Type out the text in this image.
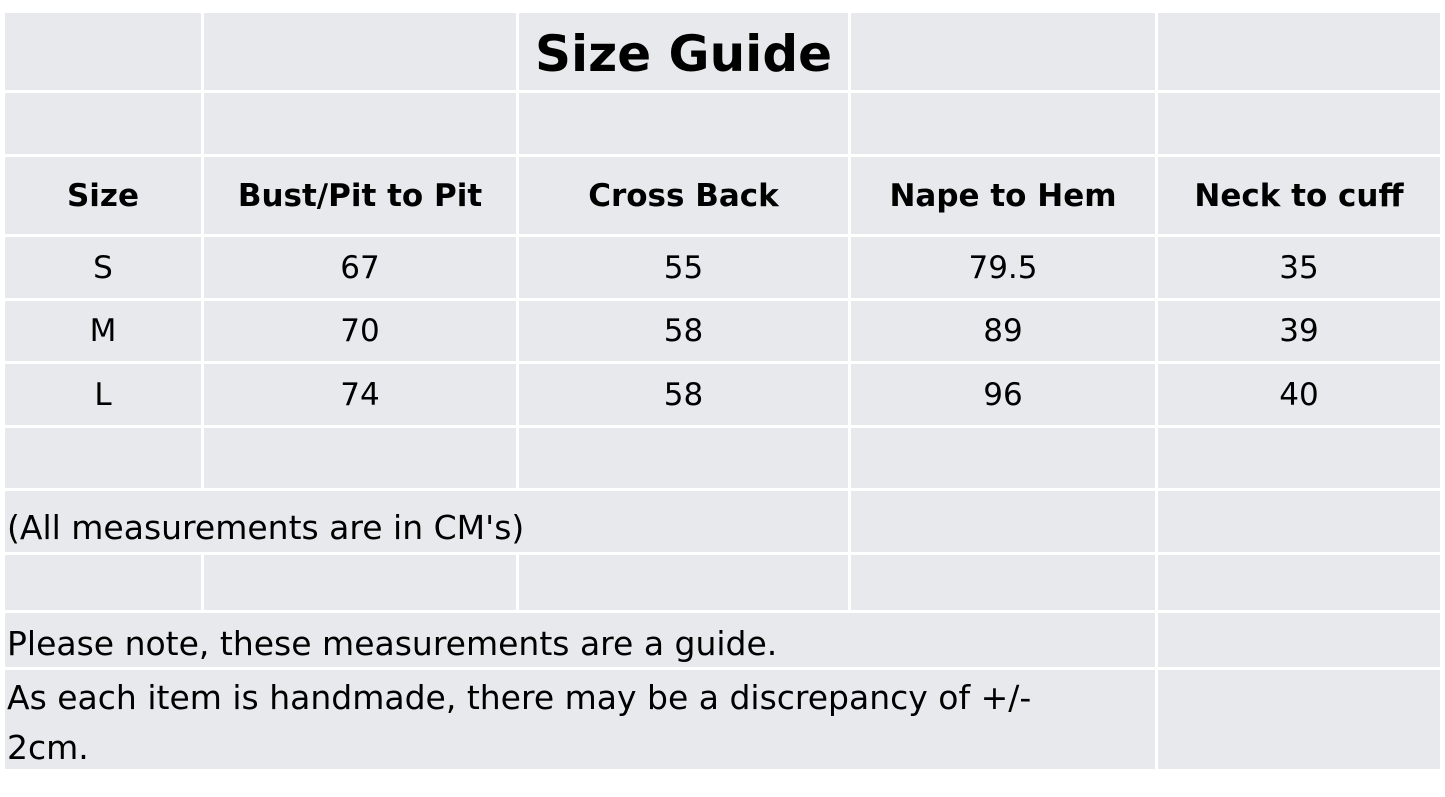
Size Guide
Size	Bust/Pit to Pit	Cross Back	Nape to Hem	Neck to cuff
S	67	55	79.5	35
M	70	58	89	39
L	74	58	96	40
(All measurements are in CM's)
Please note, these measurements are a guide.
As each item is handmade, there may be a discrepancy of +/-
2cm.
